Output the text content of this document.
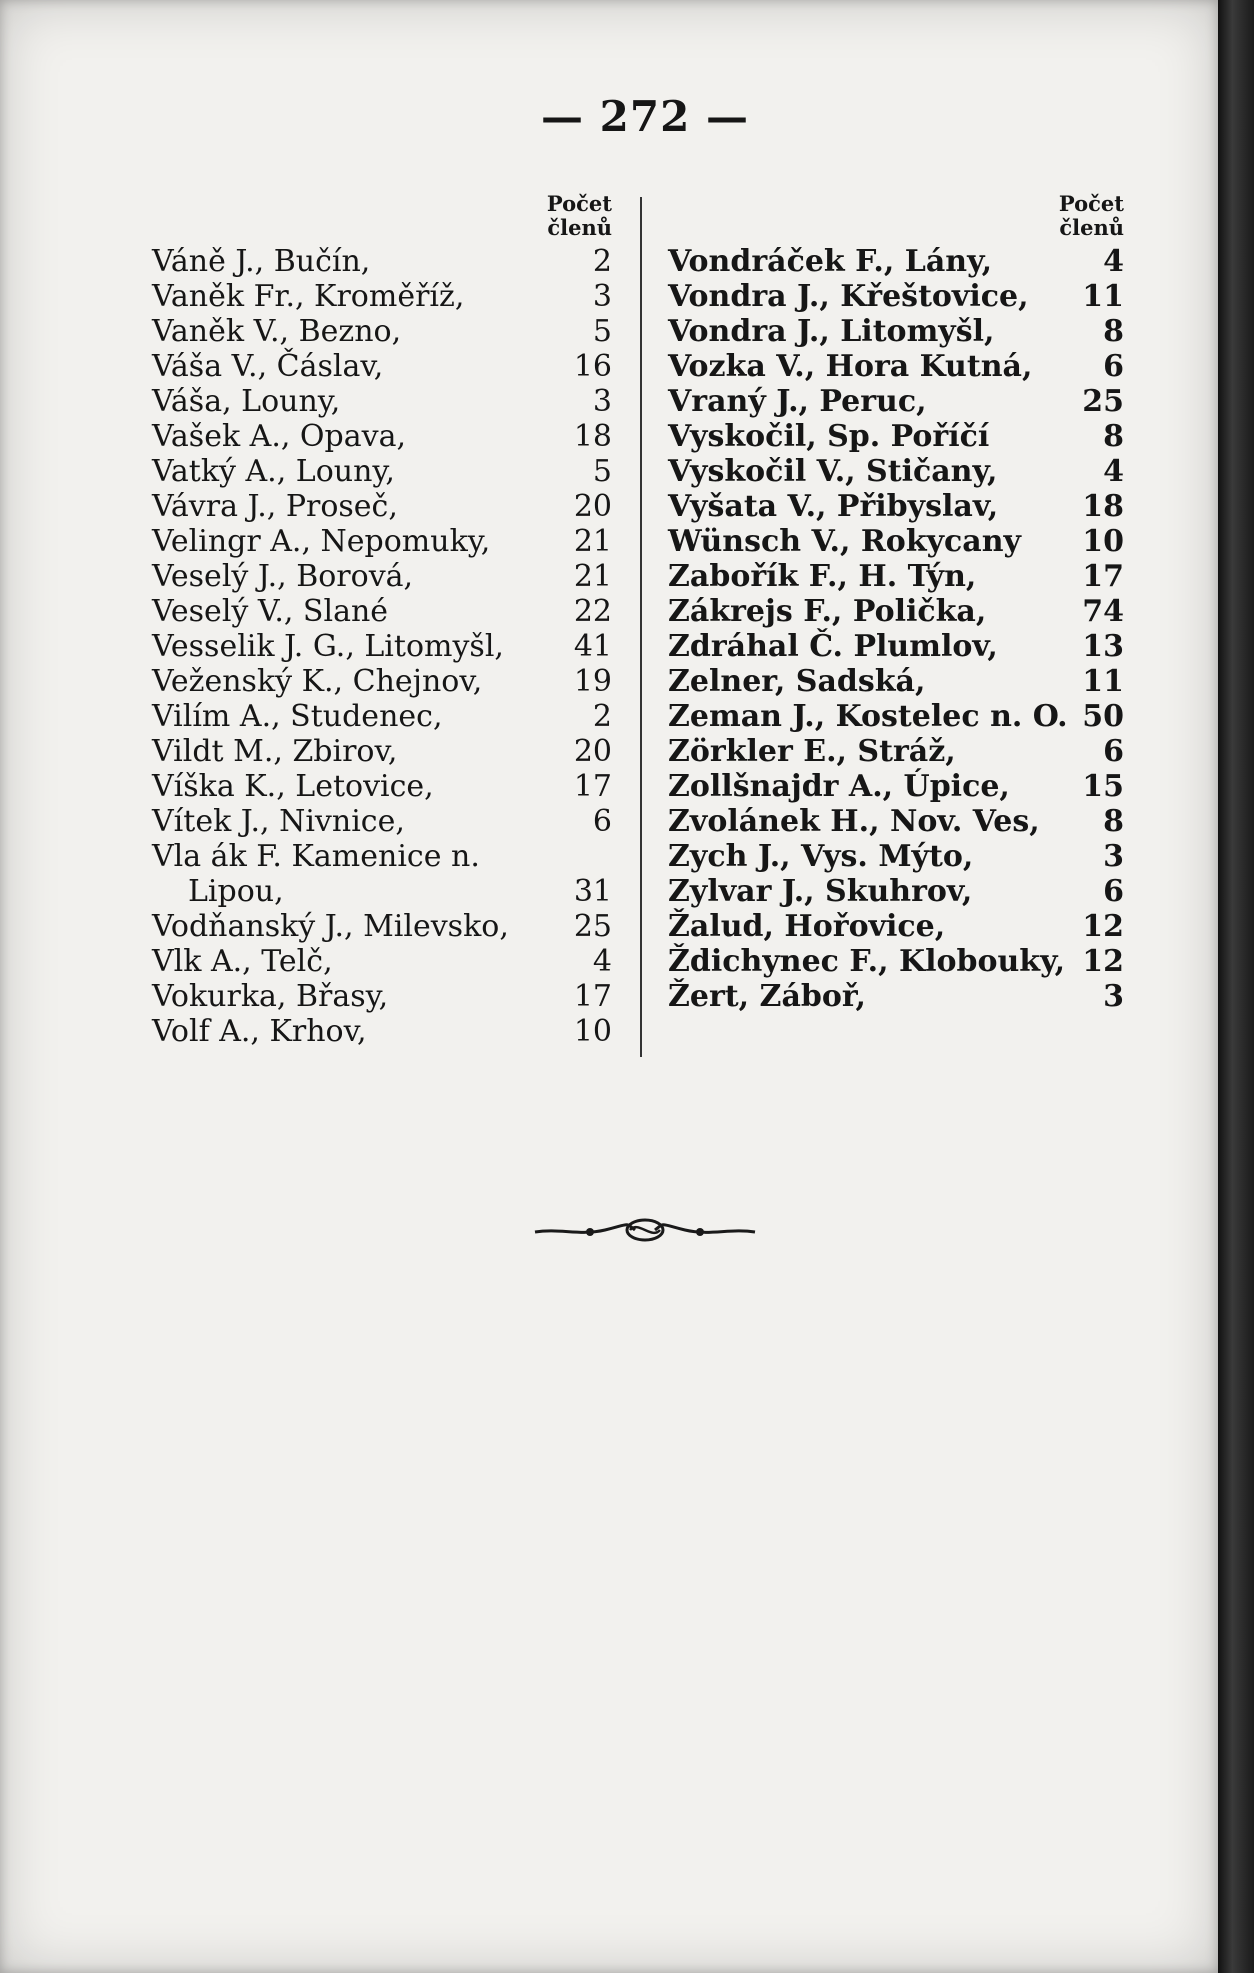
— 272 —
Počet
členů
Váně J., Bučín,	2
Vaněk Fr., Kroměříž,	3
Vaněk V., Bezno,	5
Váša V., Čáslav,	16
Váša, Louny,	3
Vašek A., Opava,	18
Vatký A., Louny,	5
Vávra J., Proseč,	20
Velingr A., Nepomuky,	21
Veselý J., Borová,	21
Veselý V., Slané	22
Vesselik J. G., Litomyšl,	41
Veženský K., Chejnov,	19
Vilím A., Studenec,	2
Vildt M., Zbirov,	20
Víška K., Letovice,	17
Vítek J., Nivnice,	6
Vla ák F. Kamenice n.
Lipou,	31
Vodňanský J., Milevsko,	25
Vlk A., Telč,	4
Vokurka, Břasy,	17
Volf A., Krhov,	10
Počet
členů
Vondráček F., Lány,	4
Vondra J., Křeštovice,	11
Vondra J., Litomyšl,	8
Vozka V., Hora Kutná,	6
Vraný J., Peruc,	25
Vyskočil, Sp. Poříčí	8
Vyskočil V., Stičany,	4
Vyšata V., Přibyslav,	18
Wünsch V., Rokycany	10
Zabořík F., H. Týn,	17
Zákrejs F., Polička,	74
Zdráhal Č. Plumlov,	13
Zelner, Sadská,	11
Zeman J., Kostelec n. O. 50
Zörkler E., Stráž,	6
Zollšnajdr A., Úpice,	15
Zvolánek H., Nov. Ves,	8
Zych J., Vys. Mýto,	3
Zylvar J., Skuhrov,	6
Žalud, Hořovice,	12
Ždichynec F., Klobouky, 12
Žert, Záboř,	3
